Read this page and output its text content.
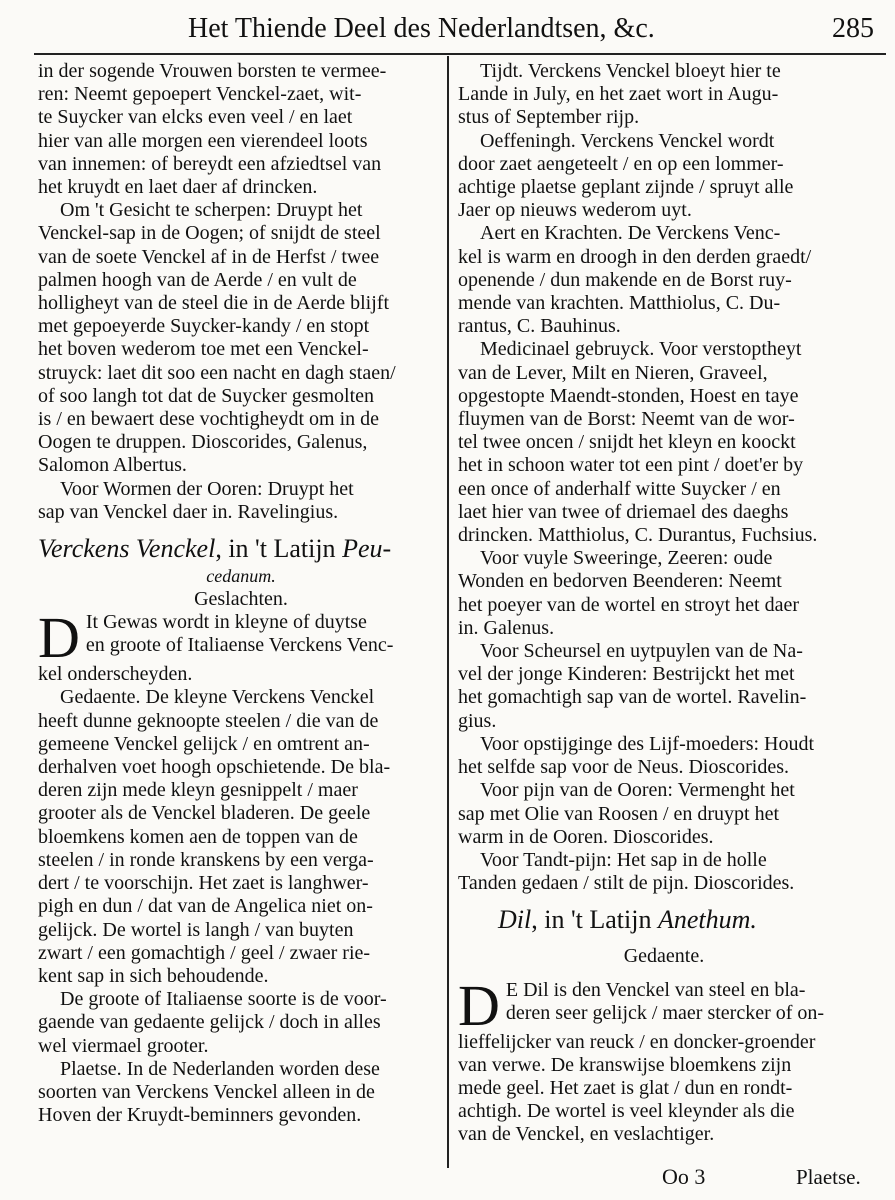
Het Thiende Deel des Nederlandtsen, &c.	285

in der sogende Vrouwen borsten te vermee-
ren: Neemt gepoepert Venckel-zaet, wit-
te Suycker van elcks even veel / en laet
hier van alle morgen een vierendeel loots
van innemen: of bereydt een afziedtsel van
het kruydt en laet daer af drincken.

Om 't Gesicht te scherpen: Druypt het
Venckel-sap in de Oogen; of snijdt de steel
van de soete Venckel af in de Herfst / twee
palmen hoogh van de Aerde / en vult de
holligheyt van de steel die in de Aerde blijft
met gepoeyerde Suycker-kandy / en stopt
het boven wederom toe met een Venckel-
struyck: laet dit soo een nacht en dagh staen/
of soo langh tot dat de Suycker gesmolten
is / en bewaert dese vochtigheydt om in de
Oogen te druppen. Dioscorides, Galenus,
Salomon Albertus.

Voor Wormen der Ooren: Druypt het
sap van Venckel daer in. Ravelingius.

Verckens Venckel, in 't Latijn Peu-
cedanum.

Geslachten.

D It Gewas wordt in kleyne of duytse
en groote of Italiaense Verckens Venc-
kel onderscheyden.

Gedaente. De kleyne Verckens Venckel
heeft dunne geknoopte steelen / die van de
gemeene Venckel gelijck / en omtrent an-
derhalven voet hoogh opschietende. De bla-
deren zijn mede kleyn gesnippelt / maer
grooter als de Venckel bladeren. De geele
bloemkens komen aen de toppen van de
steelen / in ronde kranskens by een verga-
dert / te voorschijn. Het zaet is langhwer-
pigh en dun / dat van de Angelica niet on-
gelijck. De wortel is langh / van buyten
zwart / een gomachtigh / geel / zwaer rie-
kent sap in sich behoudende.

De groote of Italiaense soorte is de voor-
gaende van gedaente gelijck / doch in alles
wel viermael grooter.

Plaetse. In de Nederlanden worden dese
soorten van Verckens Venckel alleen in de
Hoven der Kruydt-beminners gevonden.

Tijdt. Verckens Venckel bloeyt hier te
Lande in July, en het zaet wort in Augu-
stus of September rijp.

Oeffeningh. Verckens Venckel wordt
door zaet aengeteelt / en op een lommer-
achtige plaetse geplant zijnde / spruyt alle
Jaer op nieuws wederom uyt.

Aert en Krachten. De Verckens Venc-
kel is warm en droogh in den derden graedt/
openende / dun makende en de Borst ruy-
mende van krachten. Matthiolus, C. Du-
rantus, C. Bauhinus.

Medicinael gebruyck. Voor verstoptheyt
van de Lever, Milt en Nieren, Graveel,
opgestopte Maendt-stonden, Hoest en taye
fluymen van de Borst: Neemt van de wor-
tel twee oncen / snijdt het kleyn en koockt
het in schoon water tot een pint / doet'er by
een once of anderhalf witte Suycker / en
laet hier van twee of driemael des daeghs
drincken. Matthiolus, C. Durantus, Fuchsius.

Voor vuyle Sweeringe, Zeeren: oude
Wonden en bedorven Beenderen: Neemt
het poeyer van de wortel en stroyt het daer
in. Galenus.

Voor Scheursel en uytpuylen van de Na-
vel der jonge Kinderen: Bestrijckt het met
het gomachtigh sap van de wortel. Ravelin-
gius.

Voor opstijginge des Lijf-moeders: Houdt
het selfde sap voor de Neus. Dioscorides.

Voor pijn van de Ooren: Vermenght het
sap met Olie van Roosen / en druypt het
warm in de Ooren. Dioscorides.

Voor Tandt-pijn: Het sap in de holle
Tanden gedaen / stilt de pijn. Dioscorides.

Dil, in 't Latijn Anethum.

Gedaente.

D E Dil is den Venckel van steel en bla-
deren seer gelijck / maer stercker of on-
lieffelijcker van reuck / en doncker-groender
van verwe. De kranswijse bloemkens zijn
mede geel. Het zaet is glat / dun en rondt-
achtigh. De wortel is veel kleynder als die
van de Venckel, en veslachtiger.

Oo 3	Plaetse.
